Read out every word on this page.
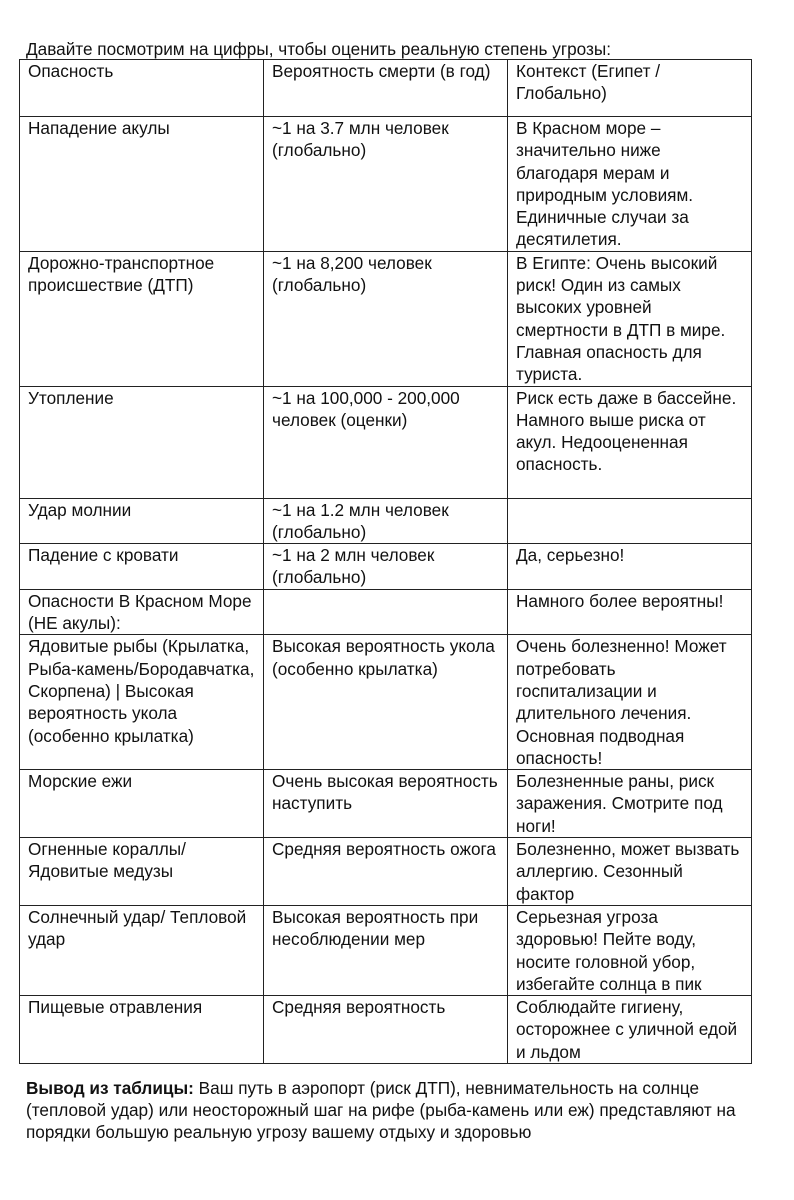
Давайте посмотрим на цифры, чтобы оценить реальную степень угрозы:
Опасность	Вероятность смерти (в год)	Контекст (Египет / Глобально)
Нападение акулы	~1 на 3.7 млн человек (глобально)	В Красном море – значительно ниже благодаря мерам и природным условиям. Единичные случаи за десятилетия.
Дорожно-транспортное происшествие (ДТП)	~1 на 8,200 человек (глобально)	В Египте: Очень высокий риск! Один из самых высоких уровней смертности в ДТП в мире. Главная опасность для туриста.
Утопление	~1 на 100,000 - 200,000 человек (оценки)	Риск есть даже в бассейне. Намного выше риска от акул. Недооцененная опасность.
Удар молнии	~1 на 1.2 млн человек (глобально)	
Падение с кровати	~1 на 2 млн человек (глобально)	Да, серьезно!
Опасности В Красном Море (НЕ акулы):		Намного более вероятны!
Ядовитые рыбы (Крылатка, Рыба-камень/Бородавчатка, Скорпена) | Высокая вероятность укола (особенно крылатка)	Высокая вероятность укола (особенно крылатка)	Очень болезненно! Может потребовать госпитализации и длительного лечения. Основная подводная опасность!
Морские ежи	Очень высокая вероятность наступить	Болезненные раны, риск заражения. Смотрите под ноги!
Огненные кораллы/ Ядовитые медузы	Средняя вероятность ожога	Болезненно, может вызвать аллергию. Сезонный фактор
Солнечный удар/ Тепловой удар	Высокая вероятность при несоблюдении мер	Серьезная угроза здоровью! Пейте воду, носите головной убор, избегайте солнца в пик
Пищевые отравления	Средняя вероятность	Соблюдайте гигиену, осторожнее с уличной едой и льдом
Вывод из таблицы: Ваш путь в аэропорт (риск ДТП), невнимательность на солнце (тепловой удар) или неосторожный шаг на рифе (рыба-камень или еж) представляют на порядки большую реальную угрозу вашему отдыху и здоровью
